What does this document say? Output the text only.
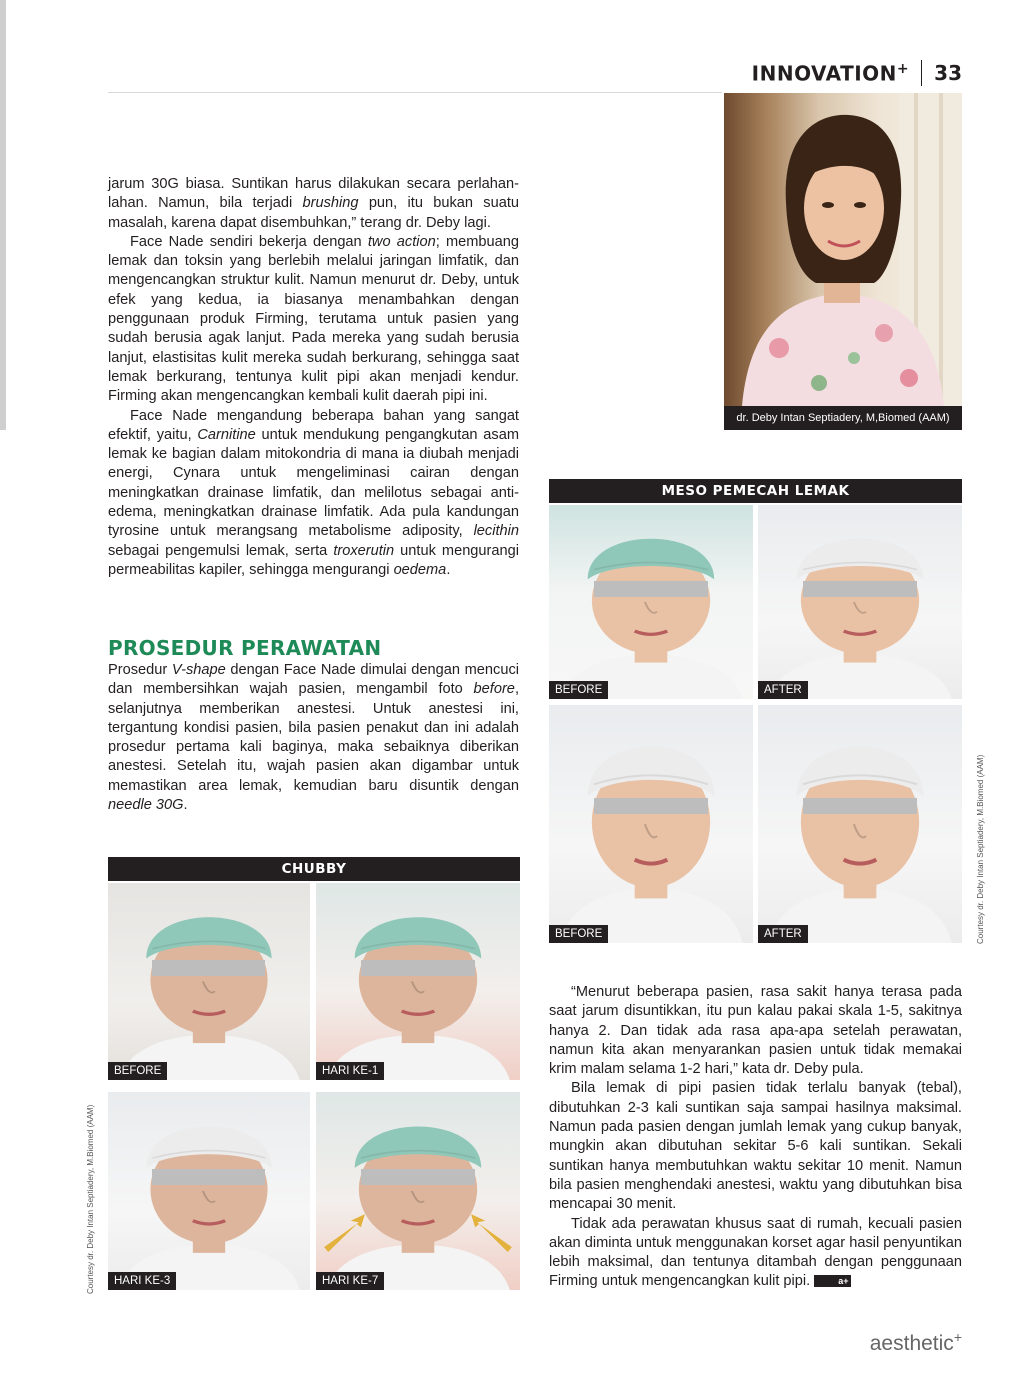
INNOVATION+ 33

jarum 30G biasa. Suntikan harus dilakukan secara perlahan-lahan. Namun, bila terjadi brushing pun, itu bukan suatu masalah, karena dapat disembuhkan,” terang dr. Deby lagi.

Face Nade sendiri bekerja dengan two action; membuang lemak dan toksin yang berlebih melalui jaringan limfatik, dan mengencangkan struktur kulit. Namun menurut dr. Deby, untuk efek yang kedua, ia biasanya menambahkan dengan penggunaan produk Firming, terutama untuk pasien yang sudah berusia agak lanjut. Pada mereka yang sudah berusia lanjut, elastisitas kulit mereka sudah berkurang, sehingga saat lemak berkurang, tentunya kulit pipi akan menjadi kendur. Firming akan mengencangkan kembali kulit daerah pipi ini.

Face Nade mengandung beberapa bahan yang sangat efektif, yaitu, Carnitine untuk mendukung pengangkutan asam lemak ke bagian dalam mitokondria di mana ia diubah menjadi energi, Cynara untuk mengeliminasi cairan dengan meningkatkan drainase limfatik, dan melilotus sebagai anti-edema, meningkatkan drainase limfatik. Ada pula kandungan tyrosine untuk merangsang metabolisme adiposity, lecithin sebagai pengemulsi lemak, serta troxerutin untuk mengurangi permeabilitas kapiler, sehingga mengurangi oedema.

PROSEDUR PERAWATAN

Prosedur V-shape dengan Face Nade dimulai dengan mencuci dan membersihkan wajah pasien, mengambil foto before, selanjutnya memberikan anestesi. Untuk anestesi ini, tergantung kondisi pasien, bila pasien penakut dan ini adalah prosedur pertama kali baginya, maka sebaiknya diberikan anestesi. Setelah itu, wajah pasien akan digambar untuk memastikan area lemak, kemudian baru disuntik dengan needle 30G.

“Menurut beberapa pasien, rasa sakit hanya terasa pada saat jarum disuntikkan, itu pun kalau pakai skala 1-5, sakitnya hanya 2. Dan tidak ada rasa apa-apa setelah perawatan, namun kita akan menyarankan pasien untuk tidak memakai krim malam selama 1-2 hari,” kata dr. Deby pula.

Bila lemak di pipi pasien tidak terlalu banyak (tebal), dibutuhkan 2-3 kali suntikan saja sampai hasilnya maksimal. Namun pada pasien dengan jumlah lemak yang cukup banyak, mungkin akan dibutuhan sekitar 5-6 kali suntikan. Sekali suntikan hanya membutuhkan waktu sekitar 10 menit. Namun bila pasien menghendaki anestesi, waktu yang dibutuhkan bisa mencapai 30 menit.

Tidak ada perawatan khusus saat di rumah, kecuali pasien akan diminta untuk menggunakan korset agar hasil penyuntikan lebih maksimal, dan tentunya ditambah dengan penggunaan Firming untuk mengencangkan kulit pipi.	a+

dr. Deby Intan Septiadery, M,Biomed (AAM)
MESO PEMECAH LEMAK
Courtesy dr. Deby Intan Septiadery, M.Biomed (AAM)
CHUBBY
Courtesy dr. Deby Intan Septiadery, M.Biomed (AAM)
aesthetic+
BEFORE	AFTER
BEFORE	AFTER
BEFORE	HARI KE-1
HARI KE-3	HARI KE-7
